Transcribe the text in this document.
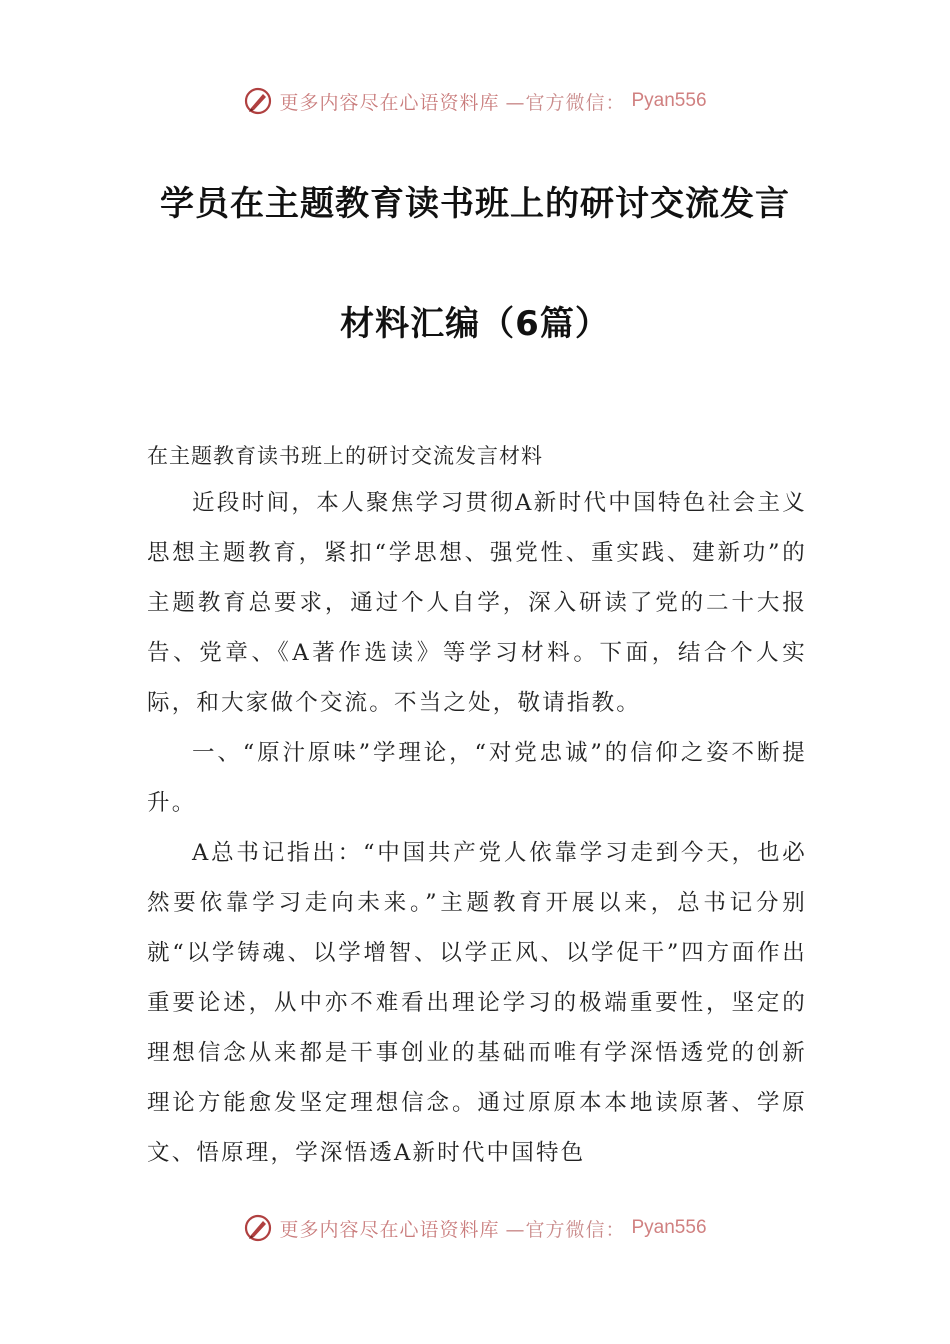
更多内容尽在心语资料库 —官方微信： Pyan556
学员在主题教育读书班上的研讨交流发言
材料汇编（6篇）
在主题教育读书班上的研讨交流发言材料

近段时间，本人聚焦学习贯彻A新时代中国特色社会主义思想主题教育，紧扣“学思想、强党性、重实践、建新功”的主题教育总要求，通过个人自学，深入研读了党的二十大报告、党章、《A著作选读》等学习材料。下面，结合个人实际，和大家做个交流。不当之处，敬请指教。

一、“原汁原味”学理论，“对党忠诚”的信仰之姿不断提升。

A总书记指出：“中国共产党人依靠学习走到今天，也必然要依靠学习走向未来。”主题教育开展以来，总书记分别就“以学铸魂、以学增智、以学正风、以学促干”四方面作出重要论述，从中亦不难看出理论学习的极端重要性，坚定的理想信念从来都是干事创业的基础而唯有学深悟透党的创新理论方能愈发坚定理想信念。通过原原本本地读原著、学原文、悟原理，学深悟透A新时代中国特色

更多内容尽在心语资料库 —官方微信： Pyan556
